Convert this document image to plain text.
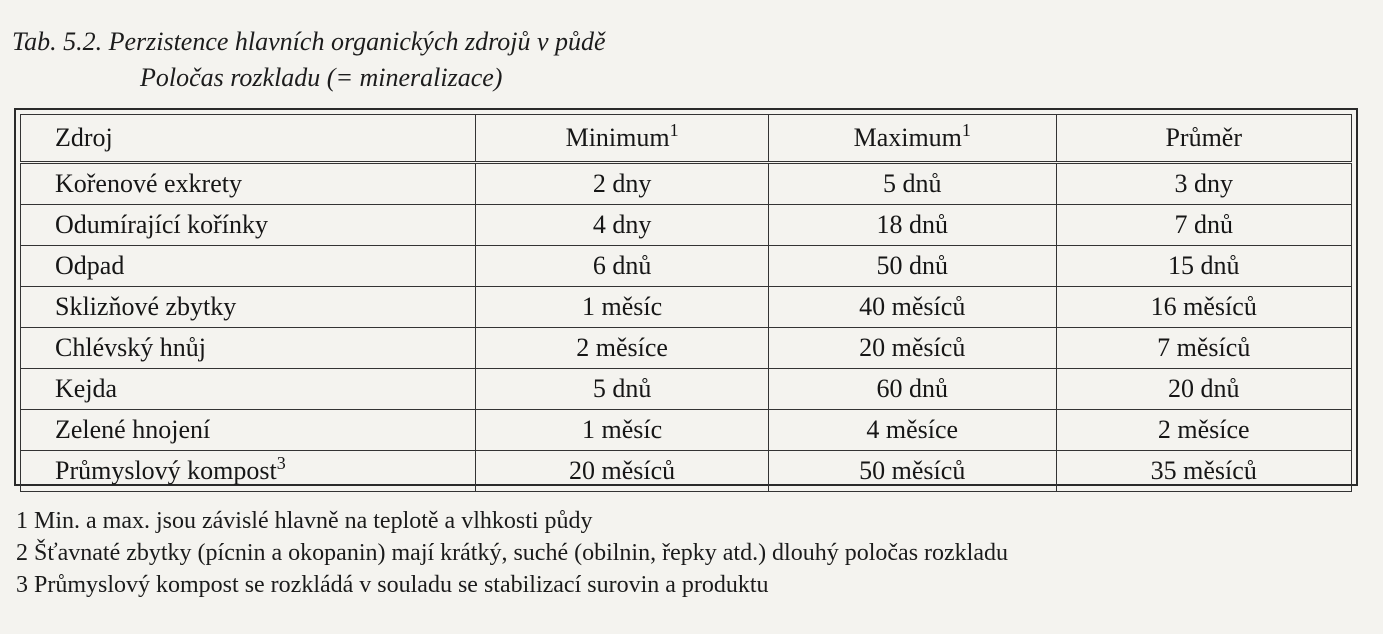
Tab. 5.2. Perzistence hlavních organických zdrojů v půdě
Poločas rozkladu (= mineralizace)
Zdroj	Minimum$^1$	Maximum$^1$	Průměr
Kořenové exkrety	2 dny	5 dnů	3 dny
Odumírající kořínky	4 dny	18 dnů	7 dnů
Odpad	6 dnů	50 dnů	15 dnů
Sklizňové zbytky	1 měsíc	40 měsíců	16 měsíců
Chlévský hnůj	2 měsíce	20 měsíců	7 měsíců
Kejda	5 dnů	60 dnů	20 dnů
Zelené hnojení	1 měsíc	4 měsíce	2 měsíce
Průmyslový kompost$^3$	20 měsíců	50 měsíců	35 měsíců
1 Min. a max. jsou závislé hlavně na teplotě a vlhkosti půdy
2 Šťavnaté zbytky (pícnin a okopanin) mají krátký, suché (obilnin, řepky atd.) dlouhý poločas rozkladu
3 Průmyslový kompost se rozkládá v souladu se stabilizací surovin a produktu
